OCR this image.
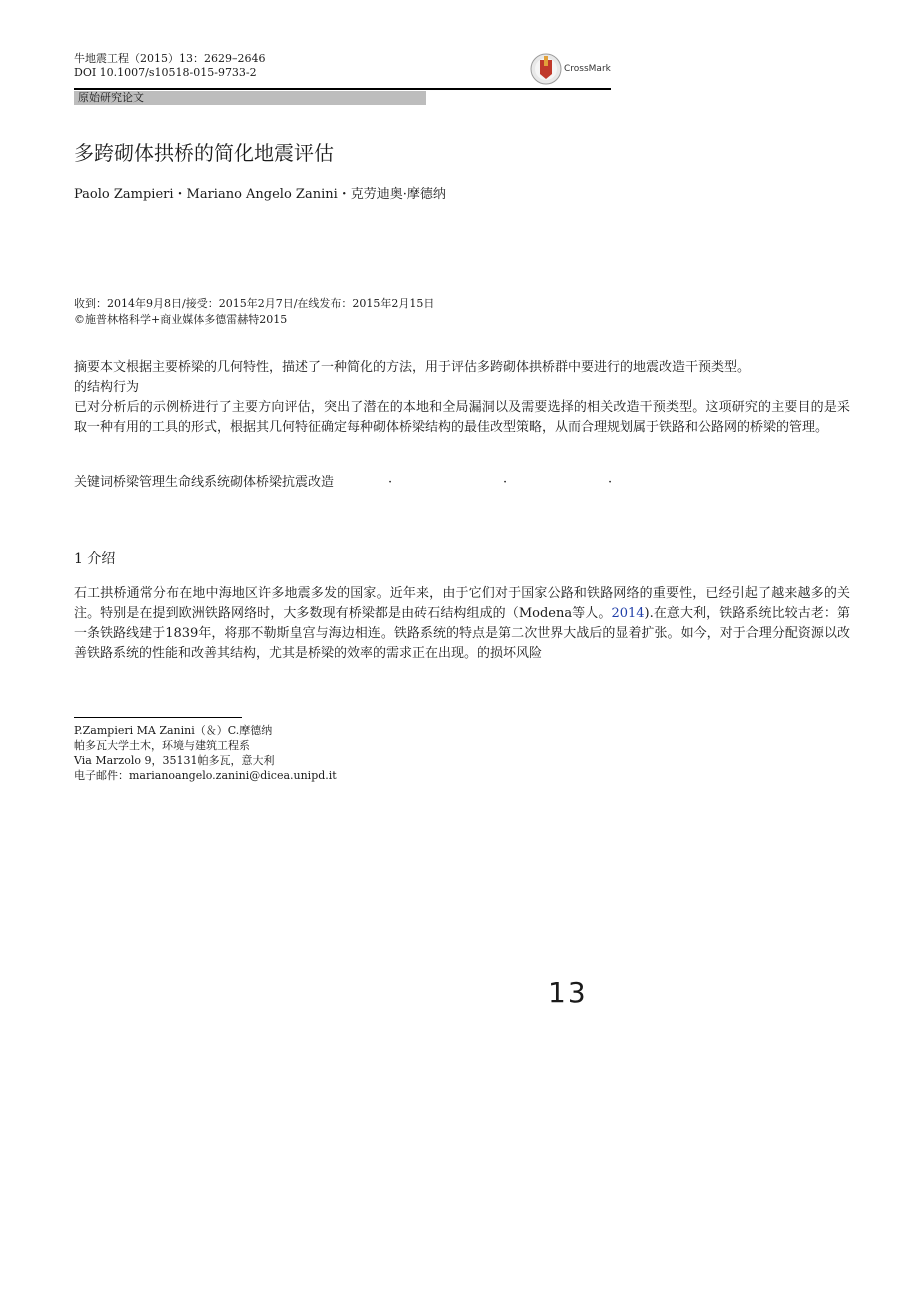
牛地震工程（2015）13：2629–2646
DOI 10.1007/s10518-015-9733-2	CrossMark
原始研究论文
多跨砌体拱桥的简化地震评估
Paolo Zampieri・Mariano Angelo Zanini・克劳迪奥·摩德纳
收到：2014年9月8日/接受：2015年2月7日/在线发布：2015年2月15日
©施普林格科学+商业媒体多德雷赫特2015

摘要本文根据主要桥梁的几何特性，描述了一种简化的方法，用于评估多跨砌体拱桥群中要进行的地震改造干预类型。

的结构行为

已对分析后的示例桥进行了主要方向评估，突出了潜在的本地和全局漏洞以及需要选择的相关改造干预类型。这项研究的主要目的是采取一种有用的工具的形式，根据其几何特征确定每种砌体桥梁结构的最佳改型策略，从而合理规划属于铁路和公路网的桥梁的管理。

关键词桥梁管理生命线系统砌体桥梁抗震改造	·	·	·
1 介绍
石工拱桥通常分布在地中海地区许多地震多发的国家。近年来，由于它们对于国家公路和铁路网络的重要性，已经引起了越来越多的关注。特别是在提到欧洲铁路网络时，大多数现有桥梁都是由砖石结构组成的（Modena等人。2014).在意大利，铁路系统比较古老：第一条铁路线建于1839年，将那不勒斯皇宫与海边相连。铁路系统的特点是第二次世界大战后的显着扩张。如今，对于合理分配资源以改善铁路系统的性能和改善其结构，尤其是桥梁的效率的需求正在出现。的损坏风险
P.Zampieri MA Zanini（＆）C.摩德纳
帕多瓦大学土木，环境与建筑工程系
Via Marzolo 9，35131帕多瓦，意大利
电子邮件：marianoangelo.zanini@dicea.unipd.it
13
